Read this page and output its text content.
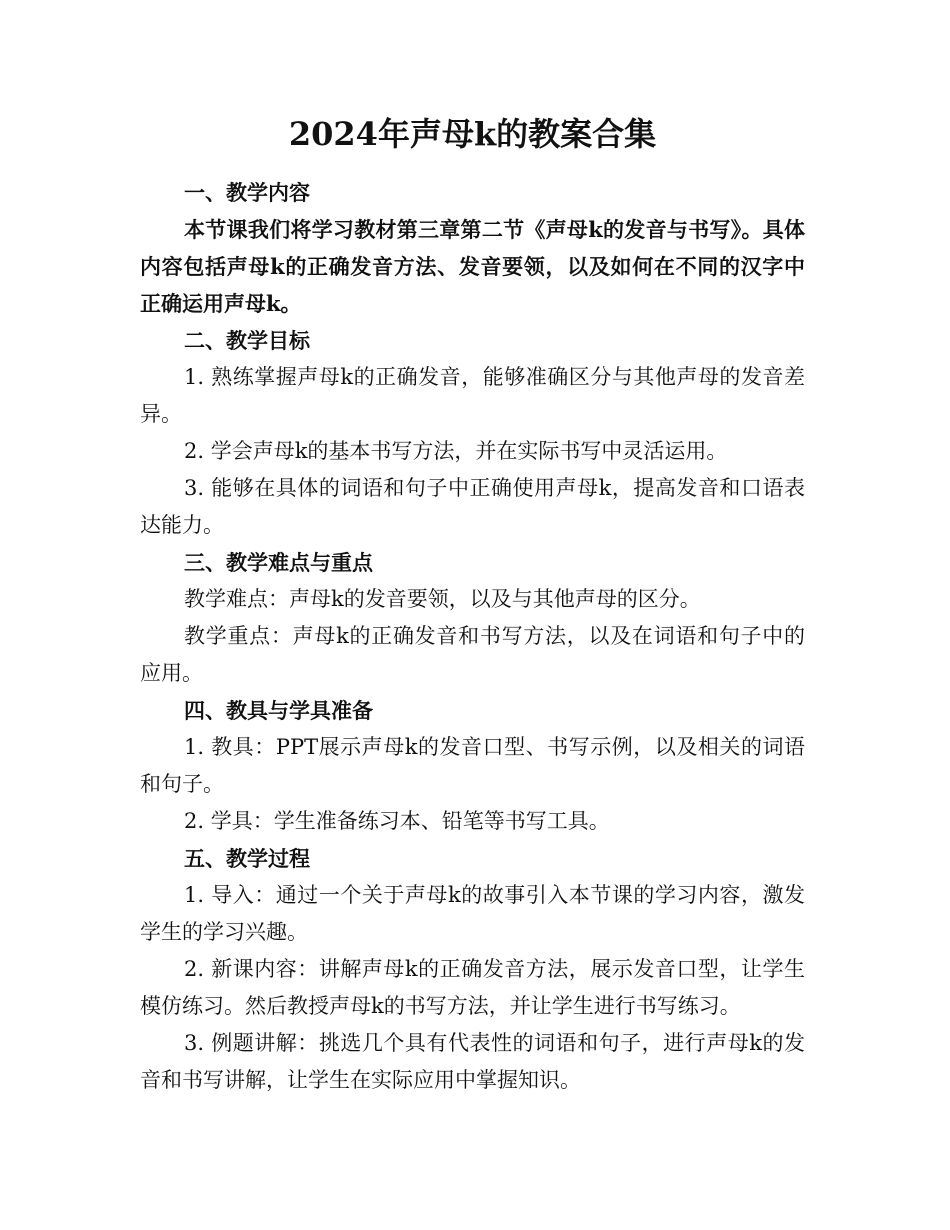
2024年声母k的教案合集

一、教学内容

本节课我们将学习教材第三章第二节《声母k的发音与书写》。具体内容包括声母k的正确发音方法、发音要领，以及如何在不同的汉字中正确运用声母k。

二、教学目标

1. 熟练掌握声母k的正确发音，能够准确区分与其他声母的发音差异。

2. 学会声母k的基本书写方法，并在实际书写中灵活运用。

3. 能够在具体的词语和句子中正确使用声母k，提高发音和口语表达能力。

三、教学难点与重点

教学难点：声母k的发音要领，以及与其他声母的区分。

教学重点：声母k的正确发音和书写方法，以及在词语和句子中的应用。

四、教具与学具准备

1. 教具：PPT展示声母k的发音口型、书写示例，以及相关的词语和句子。

2. 学具：学生准备练习本、铅笔等书写工具。

五、教学过程

1. 导入：通过一个关于声母k的故事引入本节课的学习内容，激发学生的学习兴趣。

2. 新课内容：讲解声母k的正确发音方法，展示发音口型，让学生模仿练习。然后教授声母k的书写方法，并让学生进行书写练习。

3. 例题讲解：挑选几个具有代表性的词语和句子，进行声母k的发音和书写讲解，让学生在实际应用中掌握知识。
